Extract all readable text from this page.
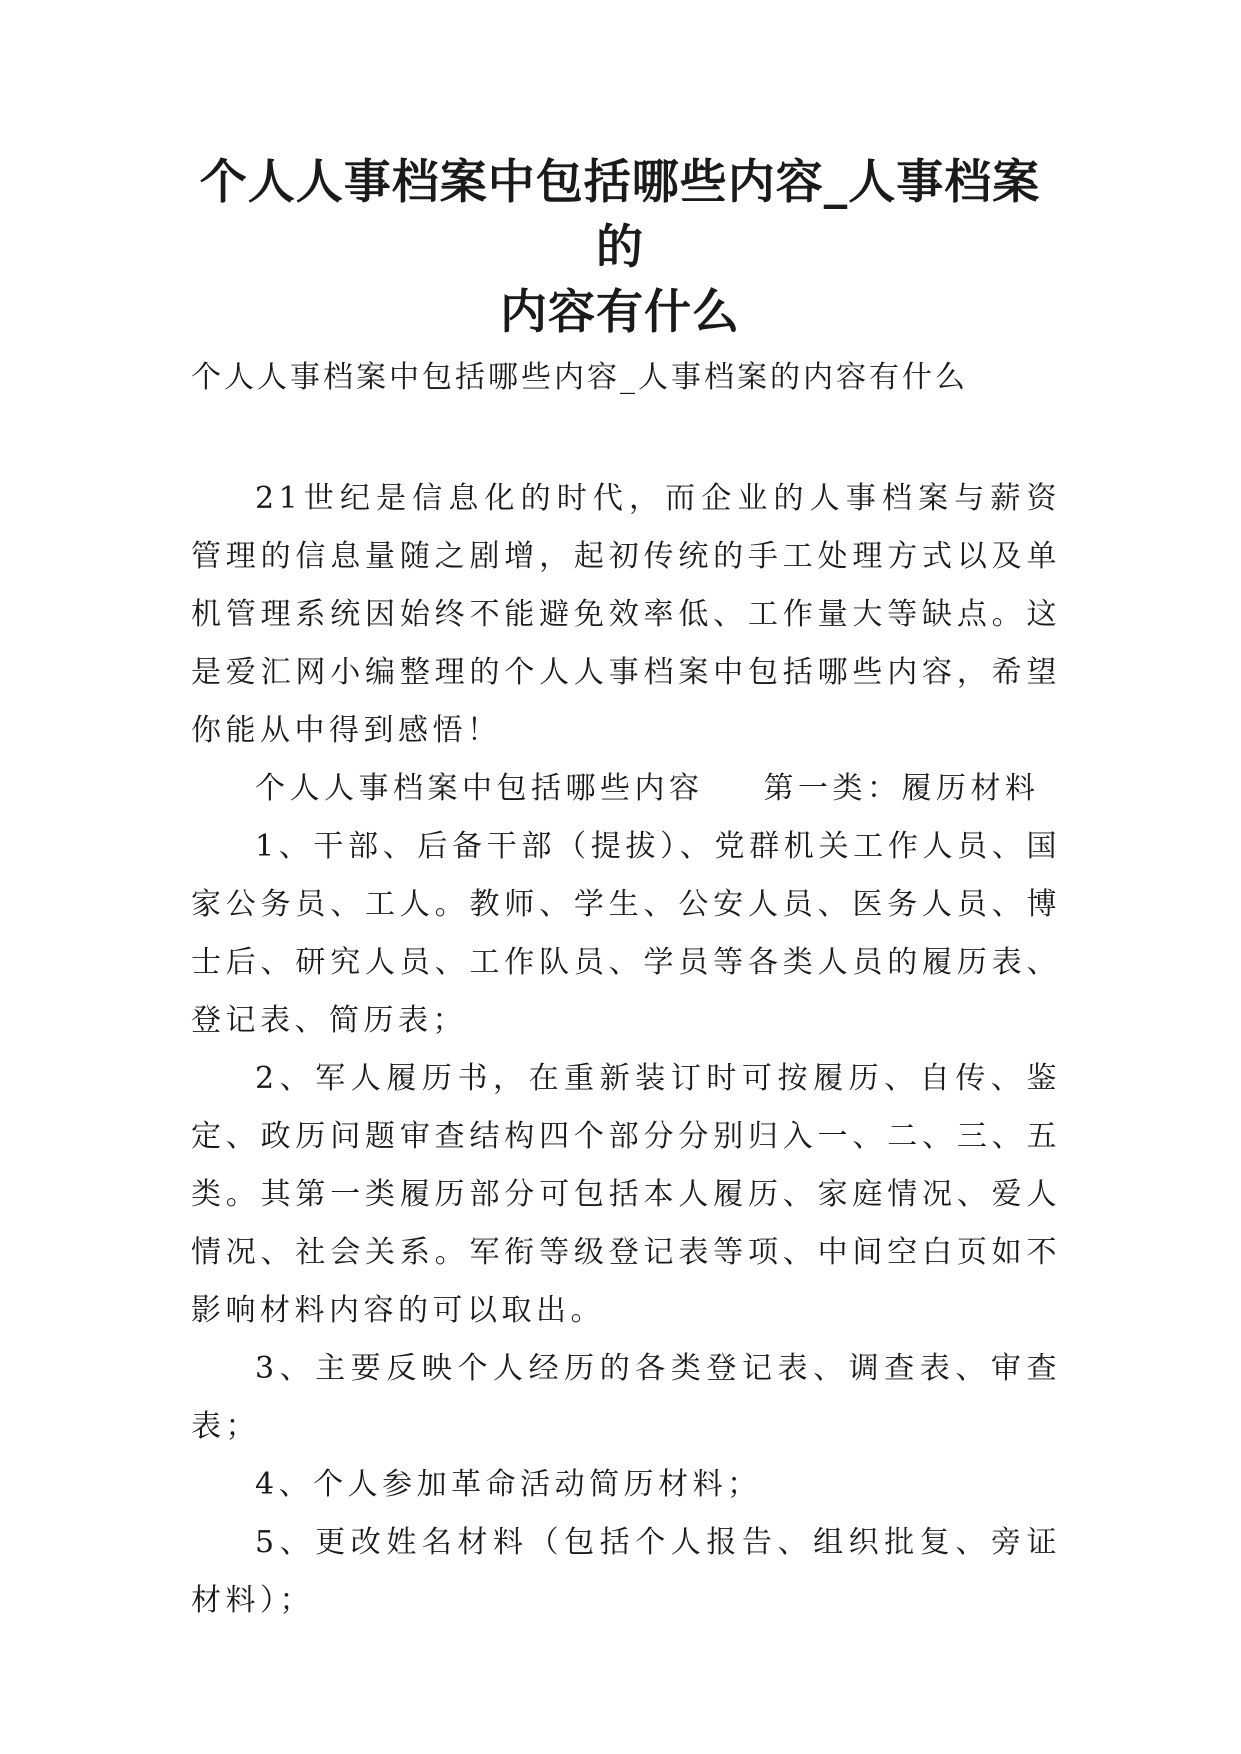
个人人事档案中包括哪些内容_人事档案的
内容有什么

个人人事档案中包括哪些内容_人事档案的内容有什么

21世纪是信息化的时代，而企业的人事档案与薪资管理的信息量随之剧增，起初传统的手工处理方式以及单机管理系统因始终不能避免效率低、工作量大等缺点。这是爱汇网小编整理的个人人事档案中包括哪些内容，希望你能从中得到感悟！

个人人事档案中包括哪些内容 第一类：履历材料

1、干部、后备干部（提拔）、党群机关工作人员、国家公务员、工人。教师、学生、公安人员、医务人员、博士后、研究人员、工作队员、学员等各类人员的履历表、登记表、简历表；

2、军人履历书，在重新装订时可按履历、自传、鉴定、政历问题审查结构四个部分分别归入一、二、三、五类。其第一类履历部分可包括本人履历、家庭情况、爱人情况、社会关系。军衔等级登记表等项、中间空白页如不影响材料内容的可以取出。

3、主要反映个人经历的各类登记表、调查表、审查表；

4、个人参加革命活动简历材料；

5、更改姓名材料（包括个人报告、组织批复、旁证材料）；
